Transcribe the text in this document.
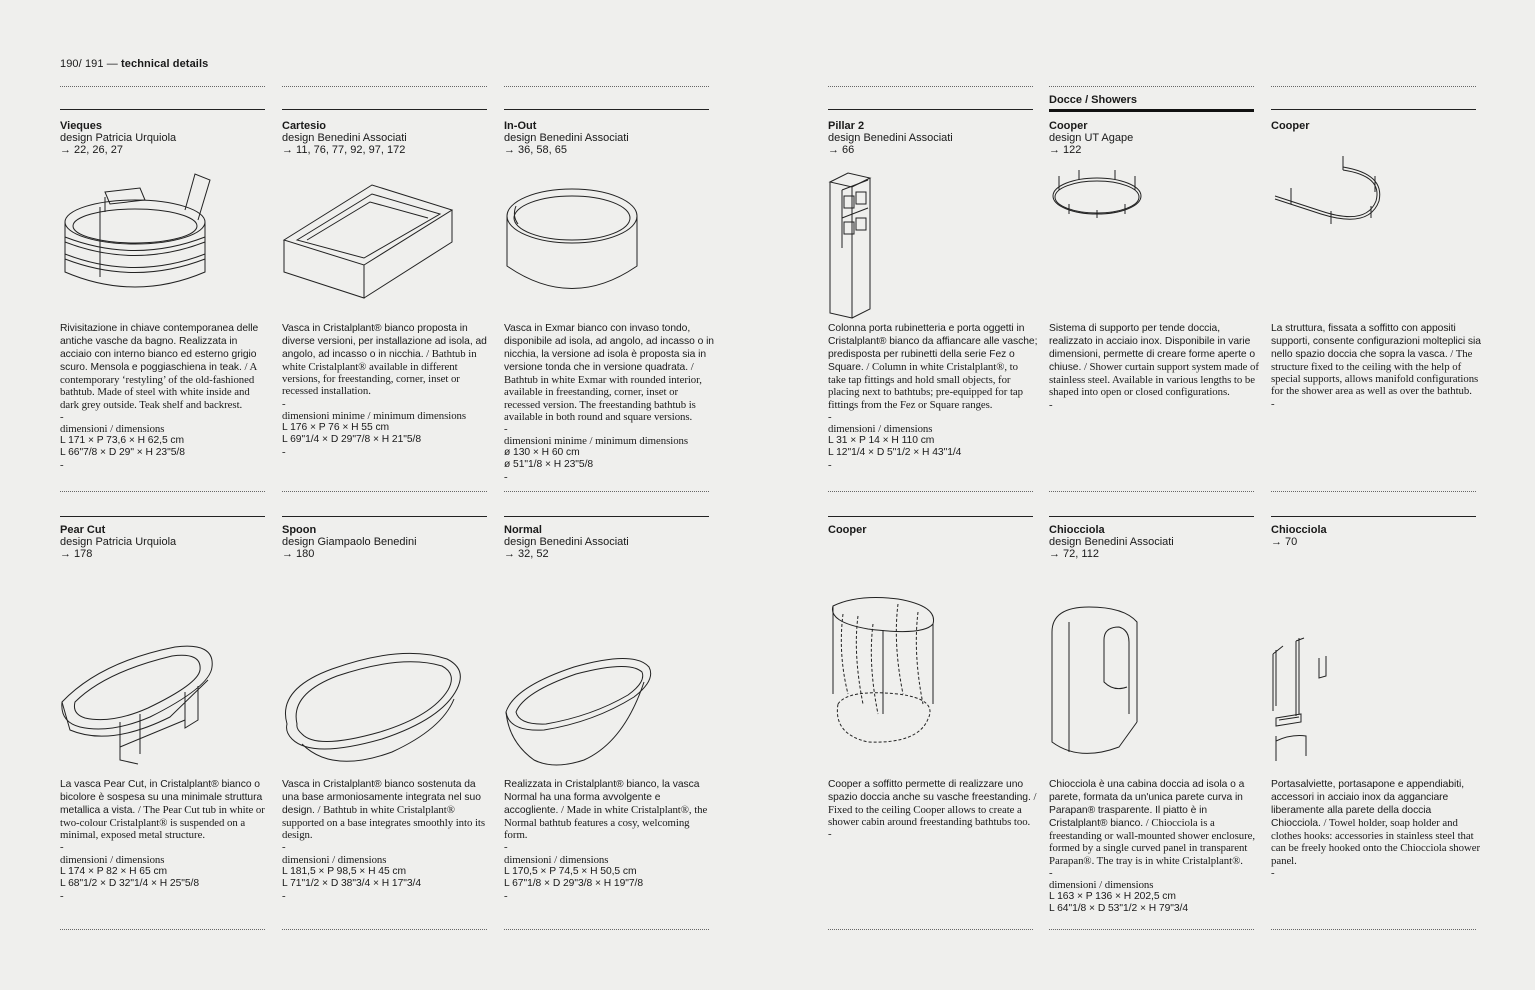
190/ 191 — technical details
Docce / Showers
Vieques
design Patricia Urquiola
→ 22, 26, 27
Rivisitazione in chiave contemporanea delle antiche vasche da bagno. Realizzata in acciaio con interno bianco ed esterno grigio scuro. Mensola e poggiaschiena in teak. / A contemporary ‘restyling’ of the old-fashioned bathtub. Made of steel with white inside and dark grey outside. Teak shelf and backrest.
-
dimensioni / dimensions
L 171 × P 73,6 × H 62,5 cm
L 66"7/8 × D 29" × H 23"5/8
-
Cartesio
design Benedini Associati
→ 11, 76, 77, 92, 97, 172
Vasca in Cristalplant® bianco proposta in diverse versioni, per installazione ad isola, ad angolo, ad incasso o in nicchia. / Bathtub in white Cristalplant® available in different versions, for freestanding, corner, inset or recessed installation.
-
dimensioni minime / minimum dimensions
L 176 × P 76 × H 55 cm
L 69"1/4 × D 29"7/8 × H 21"5/8
-
In-Out
design Benedini Associati
→ 36, 58, 65
Vasca in Exmar bianco con invaso tondo, disponibile ad isola, ad angolo, ad incasso o in nicchia, la versione ad isola è proposta sia in versione tonda che in versione quadrata. / Bathtub in white Exmar with rounded interior, available in freestanding, corner, inset or recessed version. The freestanding bathtub is available in both round and square versions.
-
dimensioni minime / minimum dimensions
ø 130 × H 60 cm
ø 51"1/8 × H 23"5/8
-
Pillar 2
design Benedini Associati
→ 66
Colonna porta rubinetteria e porta oggetti in Cristalplant® bianco da affiancare alle vasche; predisposta per rubinetti della serie Fez o Square. / Column in white Cristalplant®, to take tap fittings and hold small objects, for placing next to bathtubs; pre-equipped for tap fittings from the Fez or Square ranges.
-
dimensioni / dimensions
L 31 × P 14 × H 110 cm
L 12"1/4 × D 5"1/2 × H 43"1/4
-
Cooper
design UT Agape
→ 122
Sistema di supporto per tende doccia, realizzato in acciaio inox. Disponibile in varie dimensioni, permette di creare forme aperte o chiuse. / Shower curtain support system made of stainless steel. Available in various lengths to be shaped into open or closed configurations.
-
Cooper
La struttura, fissata a soffitto con appositi supporti, consente configurazioni molteplici sia nello spazio doccia che sopra la vasca. / The structure fixed to the ceiling with the help of special supports, allows manifold configurations for the shower area as well as over the bathtub.
-
Pear Cut
design Patricia Urquiola
→ 178
La vasca Pear Cut, in Cristalplant® bianco o bicolore è sospesa su una minimale struttura metallica a vista. / The Pear Cut tub in white or two-colour Cristalplant® is suspended on a minimal, exposed metal structure.
-
dimensioni / dimensions
L 174 × P 82 × H 65 cm
L 68"1/2 × D 32"1/4 × H 25"5/8
-
Spoon
design Giampaolo Benedini
→ 180
Vasca in Cristalplant® bianco sostenuta da una base armoniosamente integrata nel suo design. / Bathtub in white Cristalplant® supported on a base integrates smoothly into its design.
-
dimensioni / dimensions
L 181,5 × P 98,5 × H 45 cm
L 71"1/2 × D 38"3/4 × H 17"3/4
-
Normal
design Benedini Associati
→ 32, 52
Realizzata in Cristalplant® bianco, la vasca Normal ha una forma avvolgente e accogliente. / Made in white Cristalplant®, the Normal bathtub features a cosy, welcoming form.
-
dimensioni / dimensions
L 170,5 × P 74,5 × H 50,5 cm
L 67"1/8 × D 29"3/8 × H 19"7/8
-
Cooper
Cooper a soffitto permette di realizzare uno spazio doccia anche su vasche freestanding. / Fixed to the ceiling Cooper allows to create a shower cabin around freestanding bathtubs too.
-
Chiocciola
design Benedini Associati
→ 72, 112
Chiocciola è una cabina doccia ad isola o a parete, formata da un'unica parete curva in Parapan® trasparente. Il piatto è in Cristalplant® bianco. / Chiocciola is a freestanding or wall-mounted shower enclosure, formed by a single curved panel in transparent Parapan®. The tray is in white Cristalplant®.
-
dimensioni / dimensions
L 163 × P 136 × H 202,5 cm
L 64"1/8 × D 53"1/2 × H 79"3/4
Chiocciola
→ 70
Portasalviette, portasapone e appendiabiti, accessori in acciaio inox da agganciare liberamente alla parete della doccia Chiocciola. / Towel holder, soap holder and clothes hooks: accessories in stainless steel that can be freely hooked onto the Chiocciola shower panel.
-
